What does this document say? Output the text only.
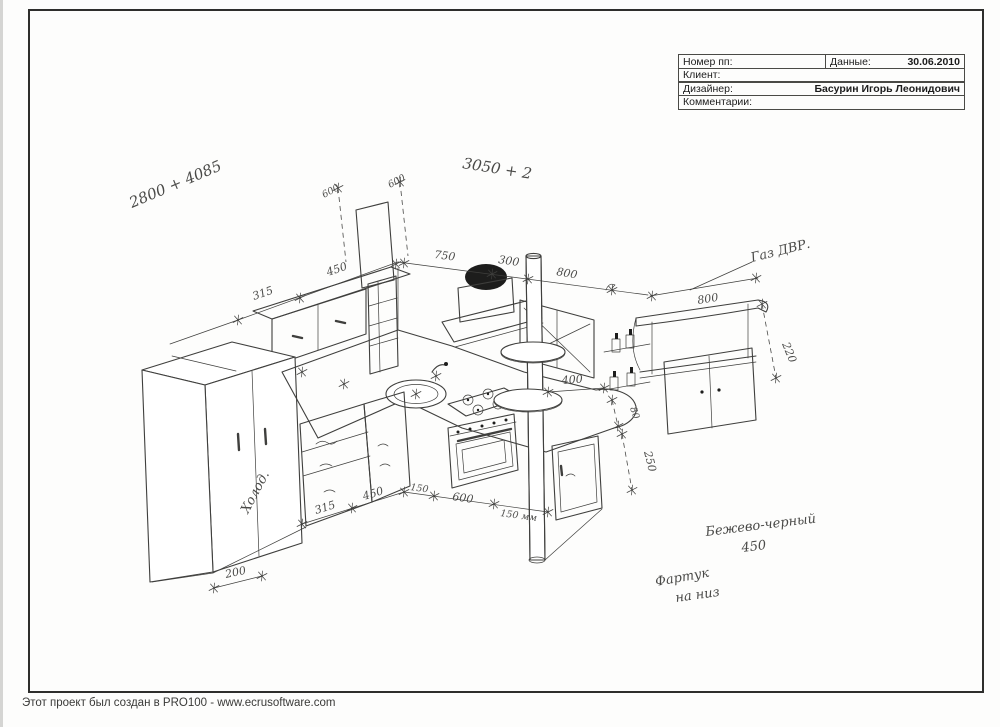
Номер пп:	Данные:	30.06.2010
Клиент:
Дизайнер:	Басурин Игорь Леонидович
Комментарии:
315
450
750	300
800
600
600
800
220
400
80
250
315
450	150
600
150 мм
200
2800 + 4085	3050 + 2
Газ ДВР.
Холод.
Бежево-черный
450
Фартук
на низ
Этот проект был создан в PRO100 - www.ecrusoftware.com
